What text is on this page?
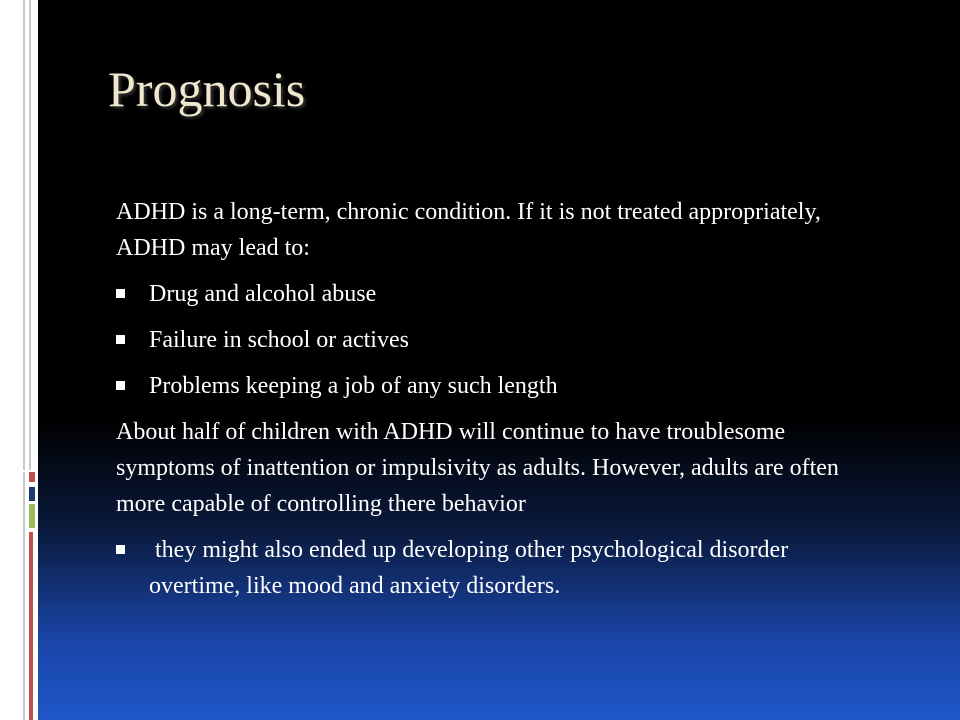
Prognosis

ADHD is a long-term, chronic condition. If it is not treated appropriately, ADHD may lead to:

Drug and alcohol abuse
Failure in school or actives
Problems keeping a job of any such length

About half of children with ADHD will continue to have troublesome symptoms of inattention or impulsivity as adults. However, adults are often more capable of controlling there behavior

they might also ended up developing other psychological disorder overtime, like mood and anxiety disorders.
